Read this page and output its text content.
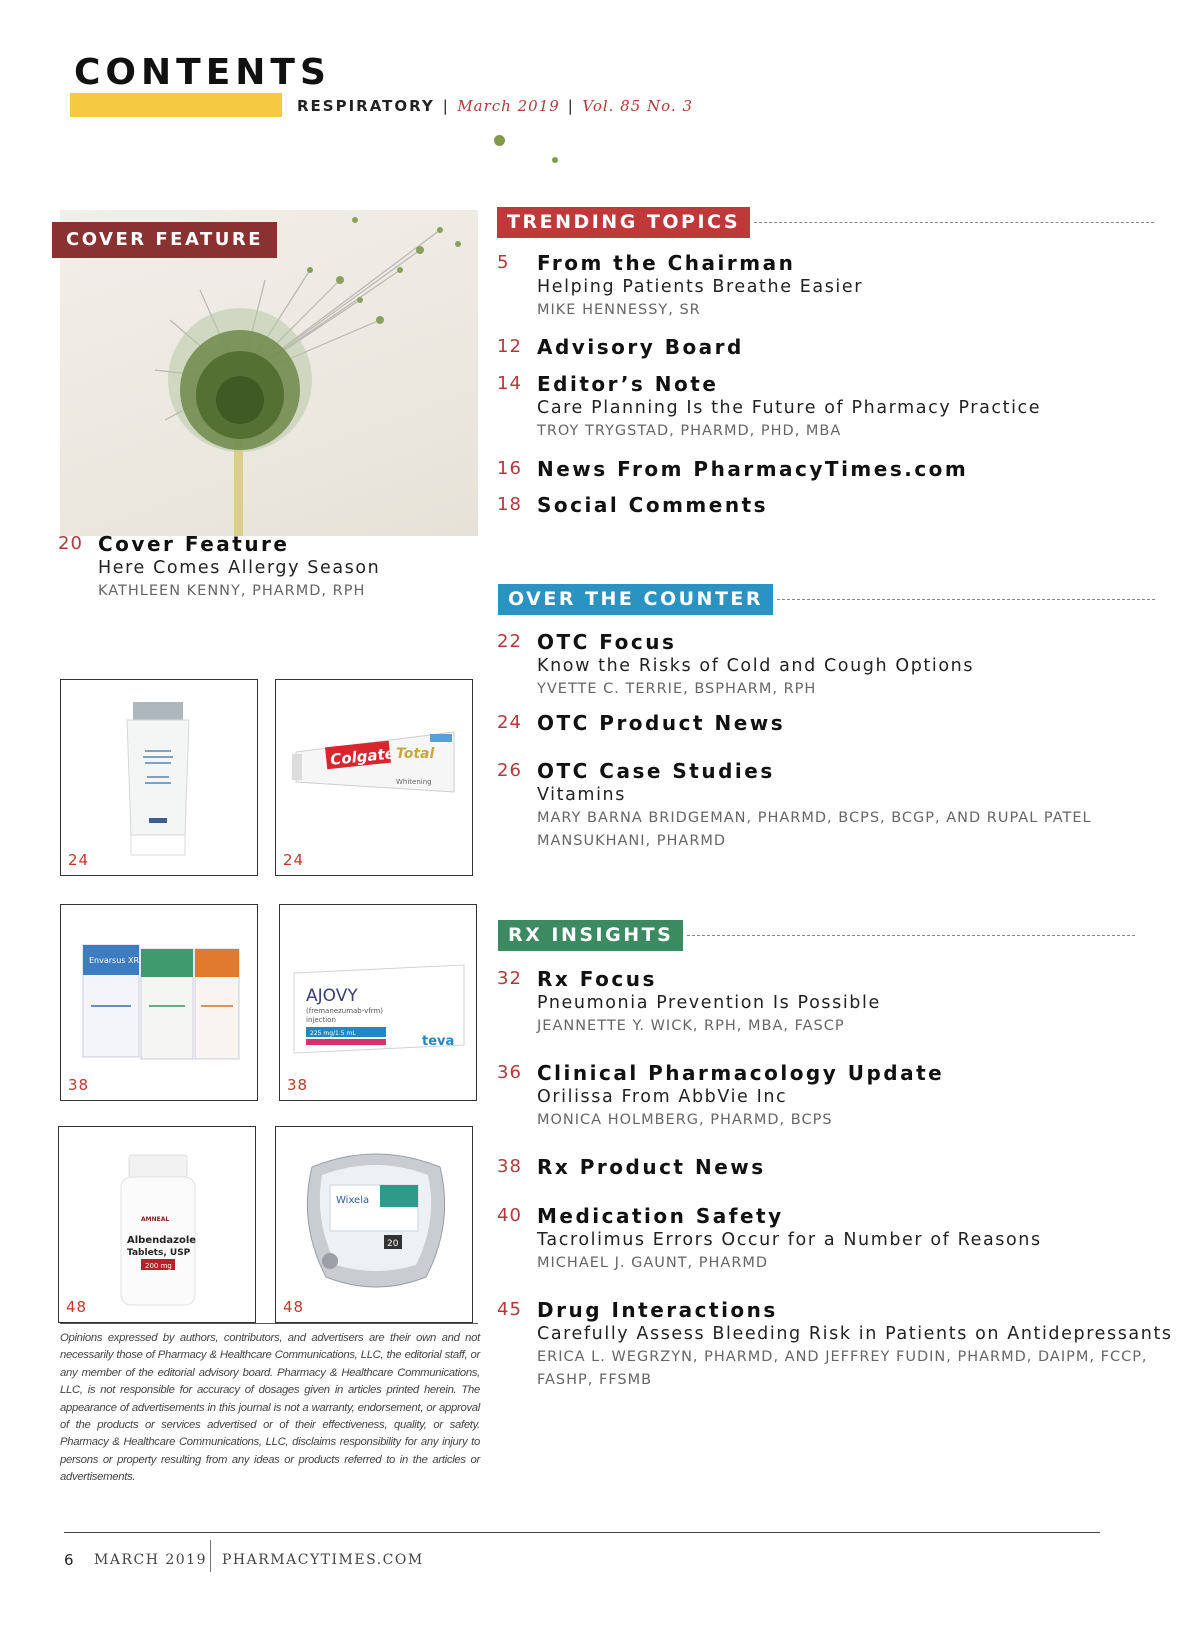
CONTENTS
RESPIRATORY | March 2019 | Vol. 85 No. 3
COVER FEATURE
20 Cover Feature
Here Comes Allergy Season
KATHLEEN KENNY, PHARMD, RPH
TRENDING TOPICS
5 From the Chairman
Helping Patients Breathe Easier
MIKE HENNESSY, SR
12 Advisory Board
14 Editor’s Note
Care Planning Is the Future of Pharmacy Practice
TROY TRYGSTAD, PHARMD, PHD, MBA
16 News From PharmacyTimes.com
18 Social Comments
OVER THE COUNTER
22 OTC Focus
Know the Risks of Cold and Cough Options
YVETTE C. TERRIE, BSPHARM, RPH
24 OTC Product News
26 OTC Case Studies
Vitamins
MARY BARNA BRIDGEMAN, PHARMD, BCPS, BCGP, AND RUPAL PATEL
MANSUKHANI, PHARMD
RX INSIGHTS
32 Rx Focus
Pneumonia Prevention Is Possible
JEANNETTE Y. WICK, RPH, MBA, FASCP
36 Clinical Pharmacology Update
Orilissa From AbbVie Inc
MONICA HOLMBERG, PHARMD, BCPS
38 Rx Product News
40 Medication Safety
Tacrolimus Errors Occur for a Number of Reasons
MICHAEL J. GAUNT, PHARMD
45 Drug Interactions
Carefully Assess Bleeding Risk in Patients on Antidepressants
ERICA L. WEGRZYN, PHARMD, AND JEFFREY FUDIN, PHARMD, DAIPM, FCCP,
FASHP, FFSMB
24
Colgate Total
Whitening
24
Envarsus XR
38
AJOVY
(fremanezumab-vfrm)
injection
225 mg/1.5 mL
teva
38
AMNEAL
Albendazole
Tablets, USP
200 mg
48
Wixela
20
48
Opinions expressed by authors, contributors, and advertisers are their own and not necessarily those of Pharmacy & Healthcare Communications, LLC, the editorial staff, or any member of the editorial advisory board. Pharmacy & Healthcare Communications, LLC, is not responsible for accuracy of dosages given in articles printed herein. The appearance of advertisements in this journal is not a warranty, endorsement, or approval of the products or services advertised or of their effectiveness, quality, or safety. Pharmacy & Healthcare Communications, LLC, disclaims responsibility for any injury to persons or property resulting from any ideas or products referred to in the articles or advertisements.
6 MARCH 2019 PHARMACYTIMES.COM
